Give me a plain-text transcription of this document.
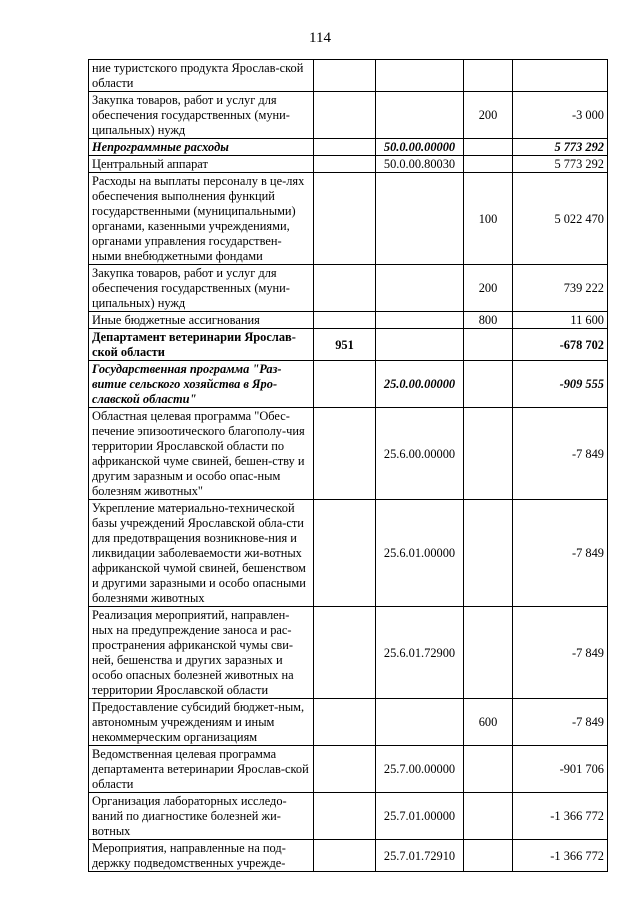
114
ние туристского продукта Ярослав-ской области				
Закупка товаров, работ и услуг для обеспечения государственных (муни-ципальных) нужд			200	-3 000
Непрограммные расходы		50.0.00.00000		5 773 292
Центральный аппарат		50.0.00.80030		5 773 292
Расходы на выплаты персоналу в це-лях обеспечения выполнения функций государственными (муниципальными) органами, казенными учреждениями, органами управления государствен-ными внебюджетными фондами			100	5 022 470
Закупка товаров, работ и услуг для обеспечения государственных (муни-ципальных) нужд			200	739 222
Иные бюджетные ассигнования			800	11 600
Департамент ветеринарии Ярослав-ской области	951			-678 702
Государственная программа "Раз-витие сельского хозяйства в Яро-славской области"		25.0.00.00000		-909 555
Областная целевая программа "Обес-печение эпизоотического благополу-чия территории Ярославской области по африканской чуме свиней, бешен-ству и другим заразным и особо опас-ным болезням животных"		25.6.00.00000		-7 849
Укрепление материально-технической базы учреждений Ярославской обла-сти для предотвращения возникнове-ния и ликвидации заболеваемости жи-вотных африканской чумой свиней, бешенством и другими заразными и особо опасными болезнями животных		25.6.01.00000		-7 849
Реализация мероприятий, направлен-ных на предупреждение заноса и рас-пространения африканской чумы сви-ней, бешенства и других заразных и особо опасных болезней животных на территории Ярославской области		25.6.01.72900		-7 849
Предоставление субсидий бюджет-ным, автономным учреждениям и иным некоммерческим организациям			600	-7 849
Ведомственная целевая программа департамента ветеринарии Ярослав-ской области		25.7.00.00000		-901 706
Организация лабораторных исследо-ваний по диагностике болезней жи-вотных		25.7.01.00000		-1 366 772
Мероприятия, направленные на под-держку подведомственных учрежде-		25.7.01.72910		-1 366 772
